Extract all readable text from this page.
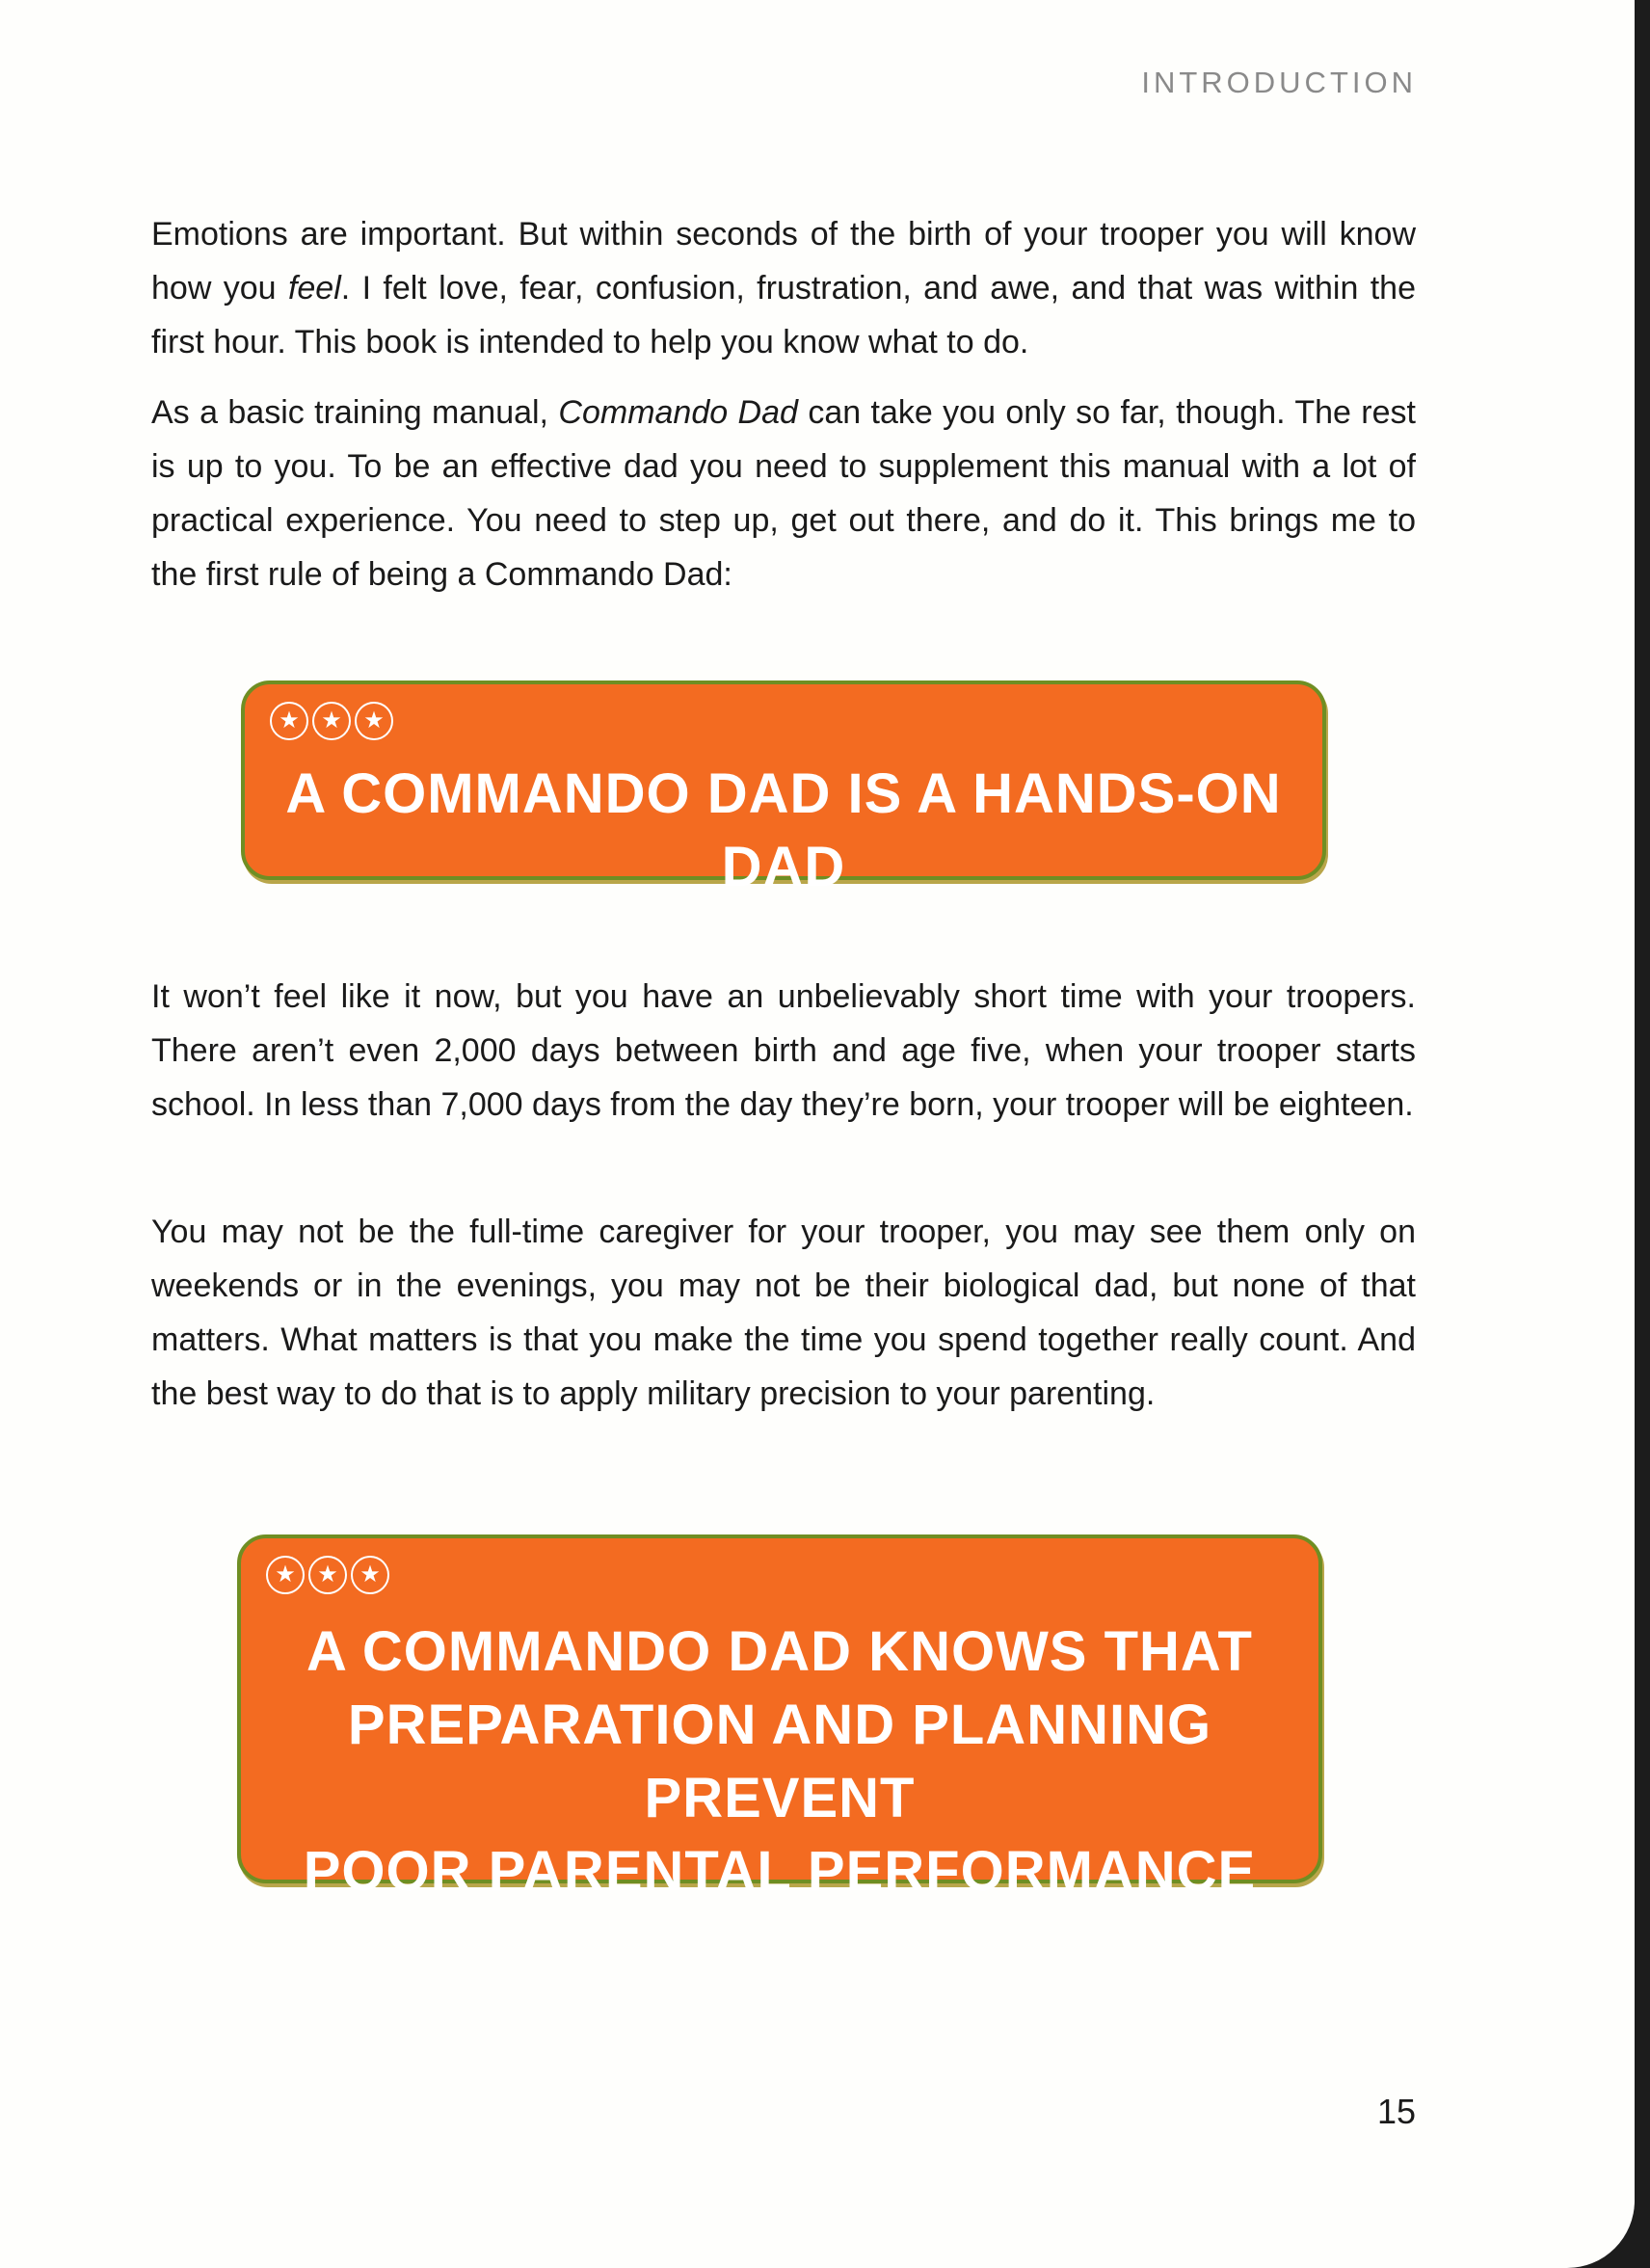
INTRODUCTION

Emotions are important. But within seconds of the birth of your trooper you will know how you feel. I felt love, fear, confusion, frustration, and awe, and that was within the first hour. This book is intended to help you know what to do.

As a basic training manual, Commando Dad can take you only so far, though. The rest is up to you. To be an effective dad you need to supplement this manual with a lot of practical experience. You need to step up, get out there, and do it. This brings me to the first rule of being a Commando Dad:

★ ★ ★

A COMMANDO DAD IS A HANDS-ON DAD

It won’t feel like it now, but you have an unbelievably short time with your troopers. There aren’t even 2,000 days between birth and age five, when your trooper starts school. In less than 7,000 days from the day they’re born, your trooper will be eighteen.

You may not be the full-time caregiver for your trooper, you may see them only on weekends or in the evenings, you may not be their biological dad, but none of that matters. What matters is that you make the time you spend together really count. And the best way to do that is to apply military precision to your parenting.

★ ★ ★

A COMMANDO DAD KNOWS THAT
PREPARATION AND PLANNING PREVENT
POOR PARENTAL PERFORMANCE

15
